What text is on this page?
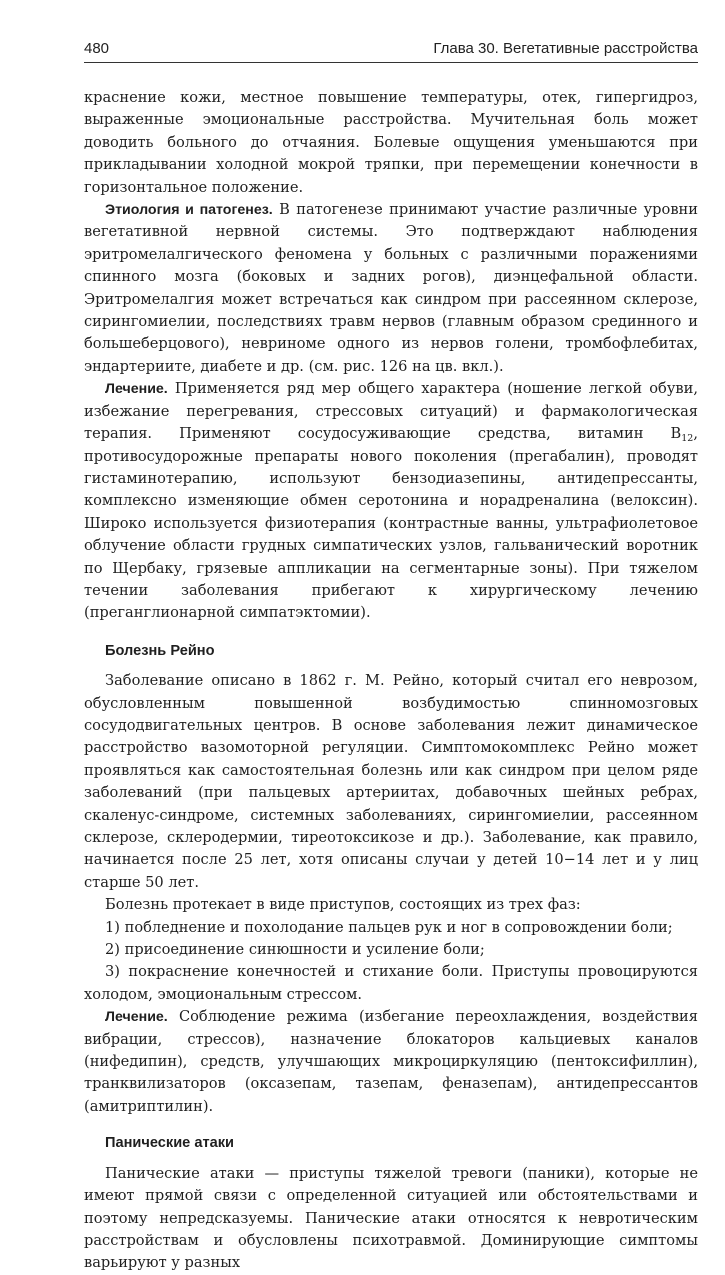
480	Глава 30. Вегетативные расстройства

краснение кожи, местное повышение температуры, отек, гипергидроз, выраженные эмоциональные расстройства. Мучительная боль может доводить больного до отчаяния. Болевые ощущения уменьшаются при прикладывании холодной мокрой тряпки, при перемещении конечности в горизонтальное положение.

Этиология и патогенез. В патогенезе принимают участие различные уровни вегетативной нервной системы. Это подтверждают наблюдения эритромелалгического феномена у больных с различными поражениями спинного мозга (боковых и задних рогов), диэнцефальной области. Эритромелалгия может встречаться как синдром при рассеянном склерозе, сирингомиелии, последствиях травм нервов (главным образом срединного и большеберцового), невриноме одного из нервов голени, тромбофлебитах, эндартериите, диабете и др. (см. рис. 126 на цв. вкл.).

Лечение. Применяется ряд мер общего характера (ношение легкой обуви, избежание перегревания, стрессовых ситуаций) и фармакологическая терапия. Применяют сосудосуживающие средства, витамин $B_{12}$, противосудорожные препараты нового поколения (прегабалин), проводят гистаминотерапию, используют бензодиазепины, антидепрессанты, комплексно изменяющие обмен серотонина и норадреналина (велоксин). Широко используется физиотерапия (контрастные ванны, ультрафиолетовое облучение области грудных симпатических узлов, гальванический воротник по Щербаку, грязевые аппликации на сегментарные зоны). При тяжелом течении заболевания прибегают к хирургическому лечению (преганглионарной симпатэктомии).

Болезнь Рейно

Заболевание описано в 1862 г. М. Рейно, который считал его неврозом, обусловленным повышенной возбудимостью спинномозговых сосудодвигательных центров. В основе заболевания лежит динамическое расстройство вазомоторной регуляции. Симптомокомплекс Рейно может проявляться как самостоятельная болезнь или как синдром при целом ряде заболеваний (при пальцевых артериитах, добавочных шейных ребрах, скаленус-синдроме, системных заболеваниях, сирингомиелии, рассеянном склерозе, склеродермии, тиреотоксикозе и др.). Заболевание, как правило, начинается после 25 лет, хотя описаны случаи у детей 10−14 лет и у лиц старше 50 лет.

Болезнь протекает в виде приступов, состоящих из трех фаз:

1) побледнение и похолодание пальцев рук и ног в сопровождении боли;

2) присоединение синюшности и усиление боли;

3) покраснение конечностей и стихание боли. Приступы провоцируются холодом, эмоциональным стрессом.

Лечение. Соблюдение режима (избегание переохлаждения, воздействия вибрации, стрессов), назначение блокаторов кальциевых каналов (нифедипин), средств, улучшающих микроциркуляцию (пентоксифиллин), транквилизаторов (оксазепам, тазепам, феназепам), антидепрессантов (амитриптилин).

Панические атаки

Панические атаки — приступы тяжелой тревоги (паники), которые не имеют прямой связи с определенной ситуацией или обстоятельствами и поэтому непредсказуемы. Панические атаки относятся к невротическим расстройствам и обусловлены психотравмой. Доминирующие симптомы варьируют у разных
